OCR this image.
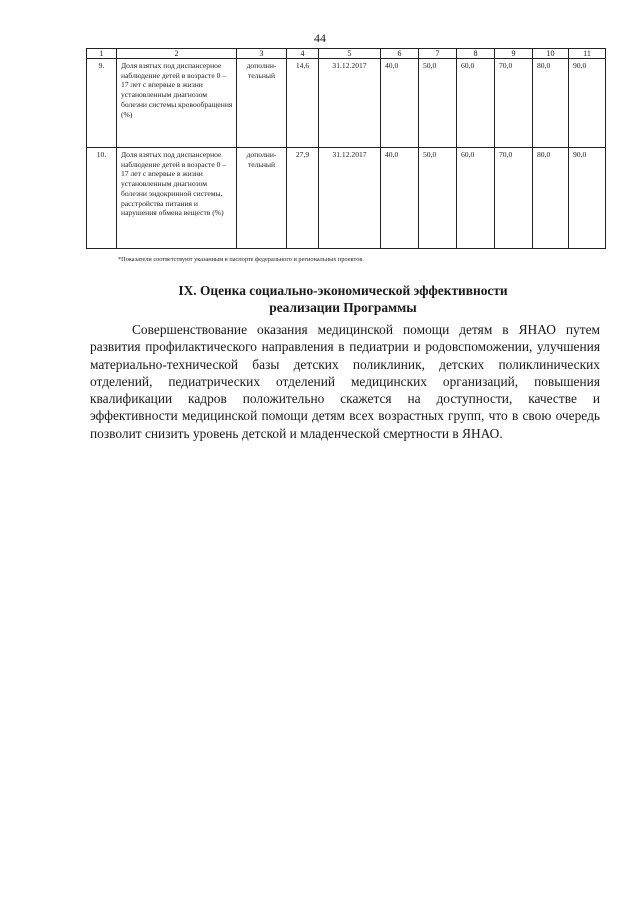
44
1	2	3	4	5	6	7	8	9	10	11
9.	Доля взятых под диспансерное наблюдение детей в возрасте 0 – 17 лет с впервые в жизни установленным диагнозом болезни системы кровообращения (%)	дополни-тельный	14,6	31.12.2017	40,0	50,0	60,0	70,0	80,0	90,0
10.	Доля взятых под диспансерное наблюдение детей в возрасте 0 – 17 лет с впервые в жизни установленным диагнозом болезни эндокринной системы, расстройства питания и нарушения обмена веществ (%)	дополни-тельный	27,9	31.12.2017	40,0	50,0	60,0	70,0	80,0	90,0
*Показатели соответствуют указанным в паспорте федерального и региональных проектов.
IX. Оценка социально-экономической эффективности
реализации Программы

Совершенствование оказания медицинской помощи детям в ЯНАО путем развития профилактического направления в педиатрии и родовспоможении, улучшения материально-технической базы детских поликлиник, детских поликлинических отделений, педиатрических отделений медицинских организаций, повышения квалификации кадров положительно скажется на доступности, качестве и эффективности медицинской помощи детям всех возрастных групп, что в свою очередь позволит снизить уровень детской и младенческой смертности в ЯНАО.
